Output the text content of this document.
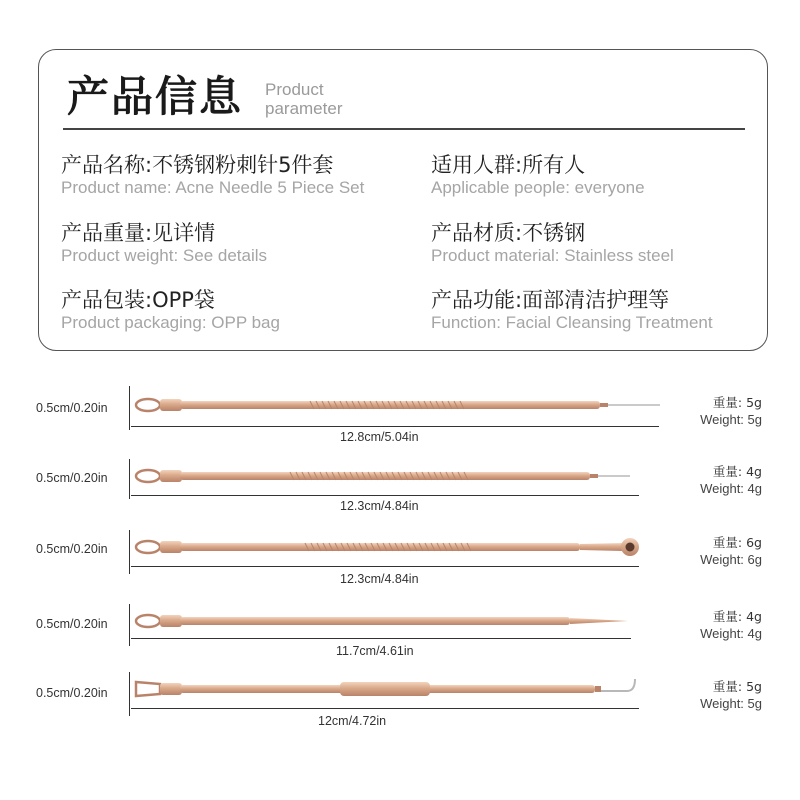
产品信息 Product parameter
产品名称:不锈钢粉刺针5件套
Product name: Acne Needle 5 Piece Set
适用人群:所有人
Applicable people: everyone
产品重量:见详情
Product weight: See details
产品材质:不锈钢
Product material: Stainless steel
产品包装:OPP袋
Product packaging: OPP bag
产品功能:面部清洁护理等
Function: Facial Cleansing Treatment
0.5cm/0.20in
12.8cm/5.04in
重量: 5g
Weight: 5g
0.5cm/0.20in
12.3cm/4.84in
重量: 4g
Weight: 4g
0.5cm/0.20in
12.3cm/4.84in
重量: 6g
Weight: 6g
0.5cm/0.20in
11.7cm/4.61in
重量: 4g
Weight: 4g
0.5cm/0.20in
12cm/4.72in
重量: 5g
Weight: 5g
